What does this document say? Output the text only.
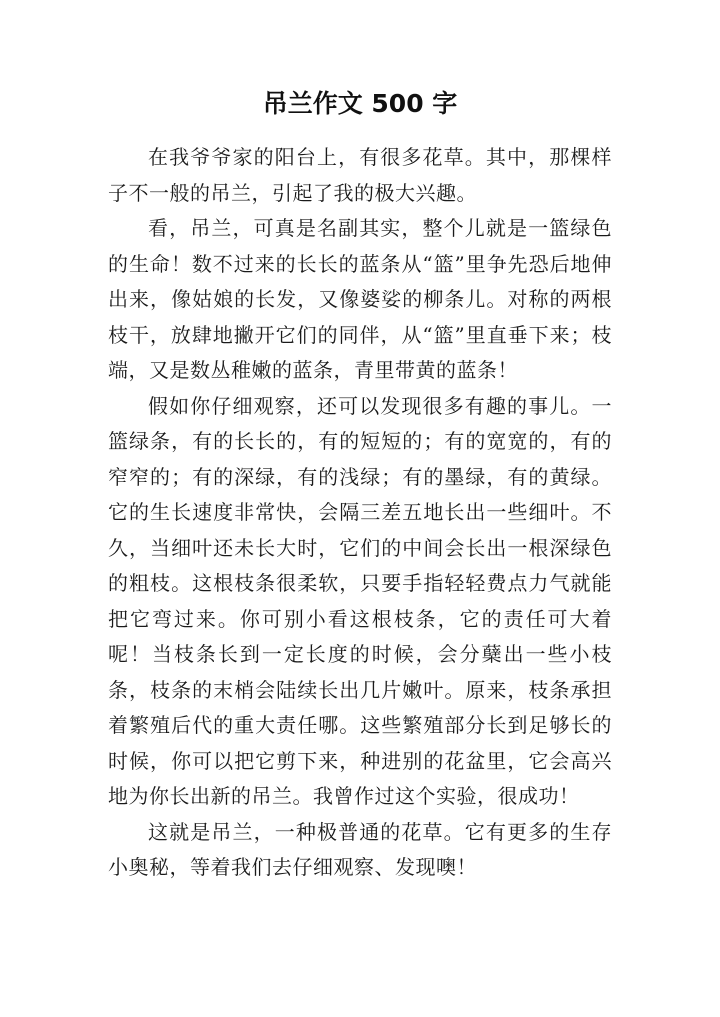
吊兰作文 500 字

在我爷爷家的阳台上，有很多花草。其中，那棵样子不一般的吊兰，引起了我的极大兴趣。

看，吊兰，可真是名副其实，整个儿就是一篮绿色的生命！数不过来的长长的蓝条从“篮”里争先恐后地伸出来，像姑娘的长发，又像婆娑的柳条儿。对称的两根枝干，放肆地撇开它们的同伴，从“篮”里直垂下来；枝端，又是数丛稚嫩的蓝条，青里带黄的蓝条！

假如你仔细观察，还可以发现很多有趣的事儿。一篮绿条，有的长长的，有的短短的；有的宽宽的，有的窄窄的；有的深绿，有的浅绿；有的墨绿，有的黄绿。它的生长速度非常快，会隔三差五地长出一些细叶。不久，当细叶还未长大时，它们的中间会长出一根深绿色的粗枝。这根枝条很柔软，只要手指轻轻费点力气就能把它弯过来。你可别小看这根枝条，它的责任可大着呢！当枝条长到一定长度的时候，会分蘖出一些小枝条，枝条的末梢会陆续长出几片嫩叶。原来，枝条承担着繁殖后代的重大责任哪。这些繁殖部分长到足够长的时候，你可以把它剪下来，种进别的花盆里，它会高兴地为你长出新的吊兰。我曾作过这个实验，很成功！

这就是吊兰，一种极普通的花草。它有更多的生存小奥秘，等着我们去仔细观察、发现噢！
